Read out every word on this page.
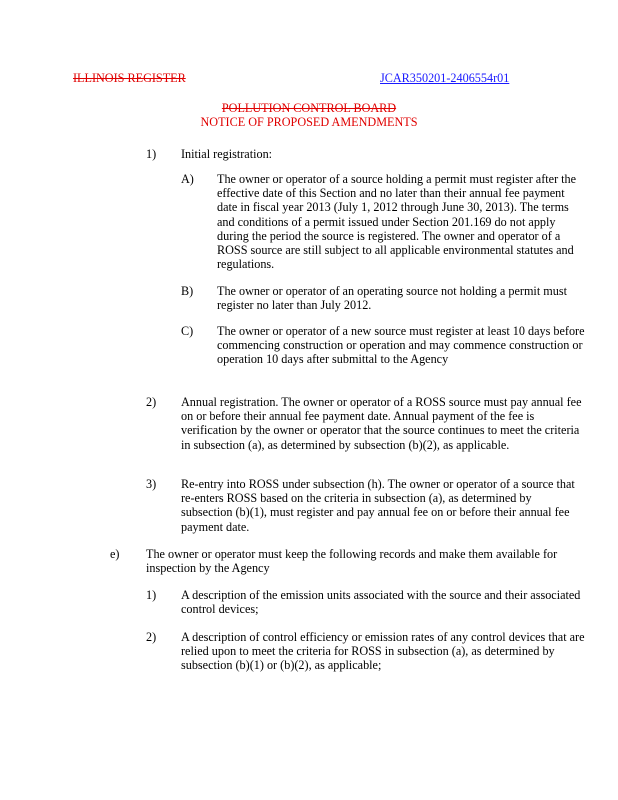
ILLINOIS REGISTER	JCAR350201-2406554r01
POLLUTION CONTROL BOARD
NOTICE OF PROPOSED AMENDMENTS
1) Initial registration:
A) The owner or operator of a source holding a permit must register after the effective date of this Section and no later than their annual fee payment date in fiscal year 2013 (July 1, 2012 through June 30, 2013). The terms and conditions of a permit issued under Section 201.169 do not apply during the period the source is registered. The owner and operator of a ROSS source are still subject to all applicable environmental statutes and regulations.
B) The owner or operator of an operating source not holding a permit must register no later than July 2012.
C) The owner or operator of a new source must register at least 10 days before commencing construction or operation and may commence construction or operation 10 days after submittal to the Agency
2) Annual registration. The owner or operator of a ROSS source must pay annual fee on or before their annual fee payment date. Annual payment of the fee is verification by the owner or operator that the source continues to meet the criteria in subsection (a), as determined by subsection (b)(2), as applicable.
3) Re-entry into ROSS under subsection (h). The owner or operator of a source that re-enters ROSS based on the criteria in subsection (a), as determined by subsection (b)(1), must register and pay annual fee on or before their annual fee payment date.
e) The owner or operator must keep the following records and make them available for inspection by the Agency
1) A description of the emission units associated with the source and their associated control devices;
2) A description of control efficiency or emission rates of any control devices that are relied upon to meet the criteria for ROSS in subsection (a), as determined by subsection (b)(1) or (b)(2), as applicable;
